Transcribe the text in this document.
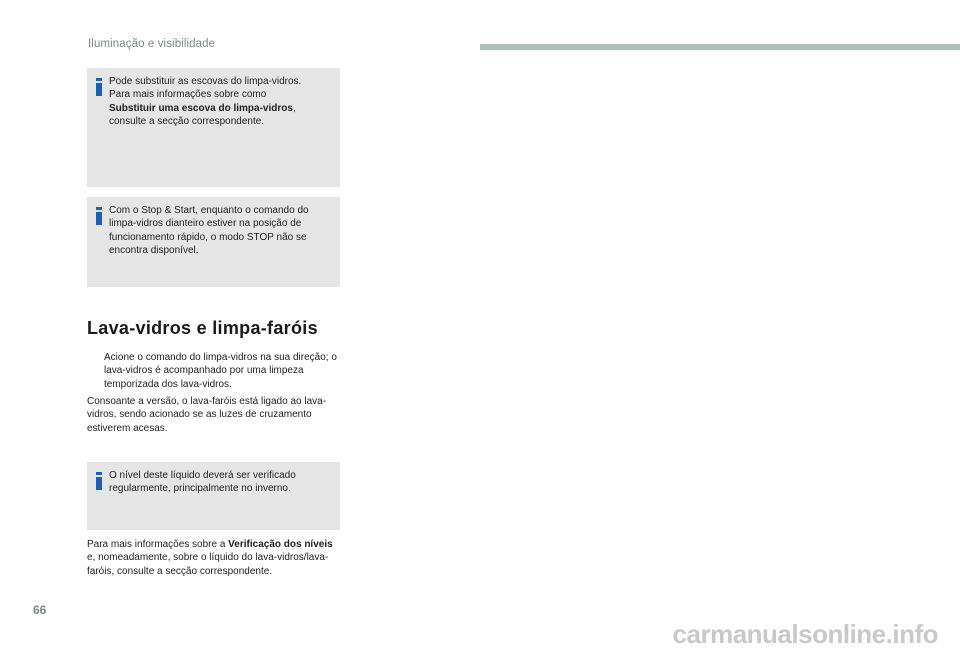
Iluminação e visibilidade
Pode substituir as escovas do limpa-vidros.
Para mais informações sobre como
Substituir uma escova do limpa-vidros,
consulte a secção correspondente.
Com o Stop & Start, enquanto o comando do limpa-vidros dianteiro estiver na posição de funcionamento rápido, o modo STOP não se encontra disponível.
Lava-vidros e limpa-faróis
Acione o comando do limpa-vidros na sua direção; o lava-vidros é acompanhado por uma limpeza temporizada dos lava-vidros.
Consoante a versão, o lava-faróis está ligado ao lava-vidros, sendo acionado se as luzes de cruzamento estiverem acesas.
O nível deste líquido deverá ser verificado regularmente, principalmente no inverno.
Para mais informações sobre a Verificação dos níveis e, nomeadamente, sobre o líquido do lava-vidros/lava-faróis, consulte a secção correspondente.
66
carmanualsonline.info
